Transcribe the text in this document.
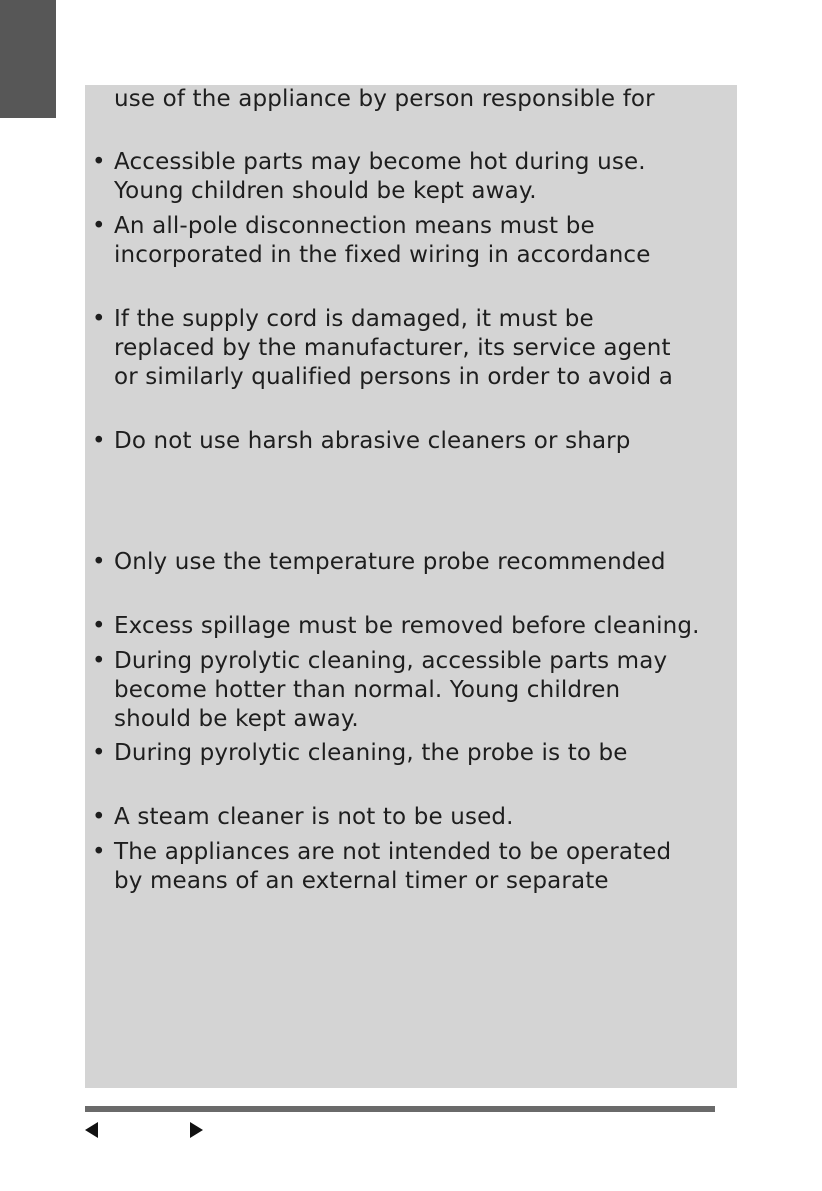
use of the appliance by person responsible for
• Accessible parts may become hot during use.
Young children should be kept away.
• An all-pole disconnection means must be
incorporated in the fixed wiring in accordance
• If the supply cord is damaged, it must be
replaced by the manufacturer, its service agent
or similarly qualified persons in order to avoid a
• Do not use harsh abrasive cleaners or sharp
• Only use the temperature probe recommended
• Excess spillage must be removed before cleaning.
• During pyrolytic cleaning, accessible parts may
become hotter than normal. Young children
should be kept away.
• During pyrolytic cleaning, the probe is to be
• A steam cleaner is not to be used.
• The appliances are not intended to be operated
by means of an external timer or separate
